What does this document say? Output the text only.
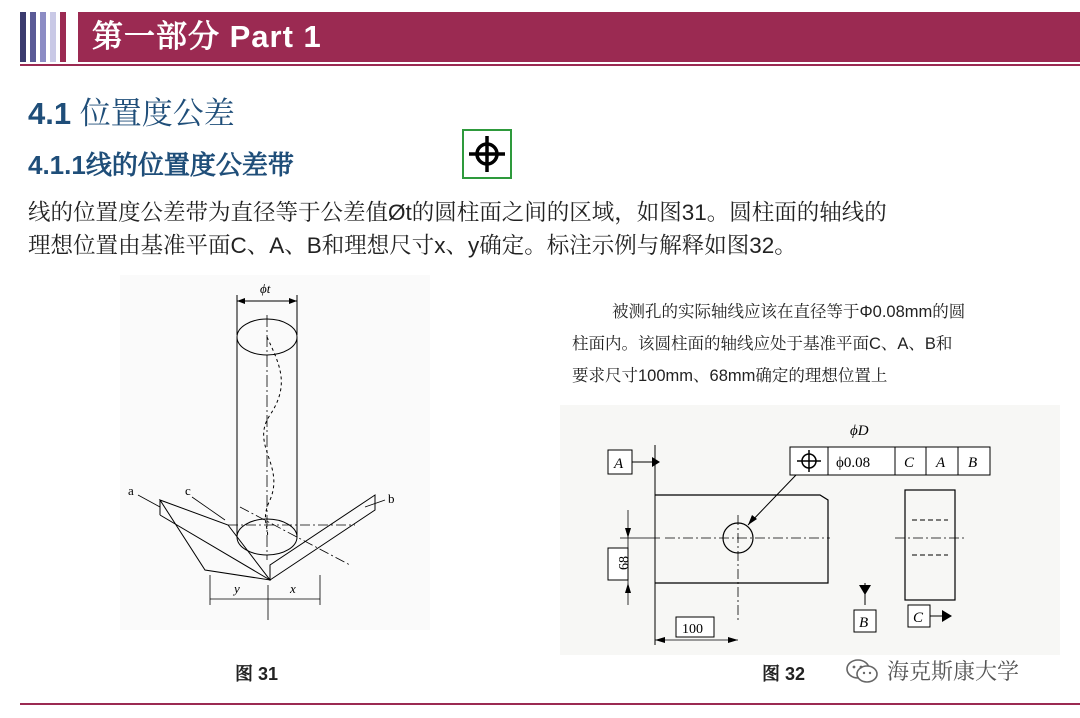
第一部分 Part 1
4.1 位置度公差
4.1.1线的位置度公差带
线的位置度公差带为直径等于公差值Øt的圆柱面之间的区域，如图31。圆柱面的轴线的
理想位置由基准平面C、A、B和理想尺寸x、y确定。标注示例与解释如图32。
ϕt
a	c
b
y	x
图 31
被测孔的实际轴线应该在直径等于Φ0.08mm的圆
柱面内。该圆柱面的轴线应处于基准平面C、A、B和
要求尺寸100mm、68mm确定的理想位置上
A
ϕD
ϕ0.08 C A B
C
B
68
100
图 32	海克斯康大学
